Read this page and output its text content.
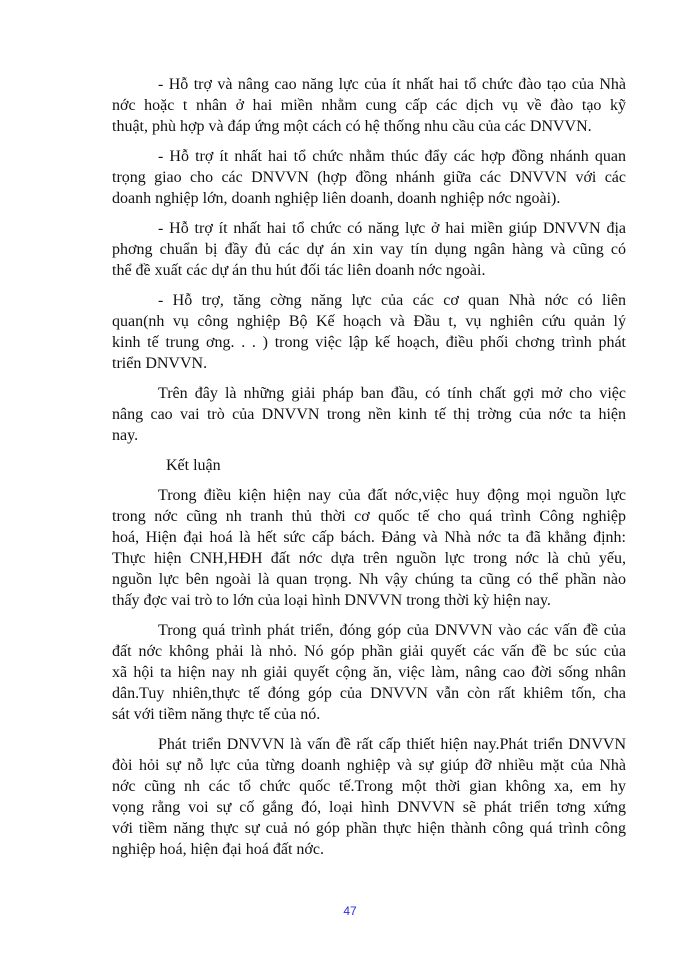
- Hỗ trợ và nâng cao năng lực của ít nhất hai tổ chức đào tạo của Nhà
nớc hoặc t nhân ở hai miền nhằm cung cấp các dịch vụ về đào tạo kỹ
thuật, phù hợp và đáp ứng một cách có hệ thống nhu cầu của các DNVVN.
- Hỗ trợ ít nhất hai tổ chức nhằm thúc đẩy các hợp đồng nhánh quan
trọng giao cho các DNVVN (hợp đồng nhánh giữa các DNVVN với các
doanh nghiệp lớn, doanh nghiệp liên doanh, doanh nghiệp nớc ngoài).
- Hỗ trợ ít nhất hai tổ chức có năng lực ở hai miền giúp DNVVN địa
phơng chuẩn bị đầy đủ các dự án xin vay tín dụng ngân hàng và cũng có
thể đề xuất các dự án thu hút đối tác liên doanh nớc ngoài.
- Hỗ trợ, tăng cờng năng lực của các cơ quan Nhà nớc có liên
quan(nh vụ công nghiệp Bộ Kế hoạch và Đầu t, vụ nghiên cứu quản lý
kinh tế trung ơng. . . ) trong việc lập kế hoạch, điều phối chơng trình phát
triển DNVVN.
Trên đây là những giải pháp ban đầu, có tính chất gợi mở cho việc
nâng cao vai trò của DNVVN trong nền kinh tế thị trờng của nớc ta hiện
nay.
Kết luận
Trong điều kiện hiện nay của đất nớc,việc huy động mọi nguồn lực
trong nớc cũng nh tranh thủ thời cơ quốc tế cho quá trình Công nghiệp
hoá, Hiện đại hoá là hết sức cấp bách. Đảng và Nhà nớc ta đã khẳng định:
Thực hiện CNH,HĐH đất nớc dựa trên nguồn lực trong nớc là chủ yếu,
nguồn lực bên ngoài là quan trọng. Nh vậy chúng ta cũng có thể phần nào
thấy đợc vai trò to lớn của loại hình DNVVN trong thời kỳ hiện nay.
Trong quá trình phát triển, đóng góp của DNVVN vào các vấn đề của
đất nớc không phải là nhỏ. Nó góp phần giải quyết các vấn đề bc súc của
xã hội ta hiện nay nh giải quyết cộng ăn, việc làm, nâng cao đời sống nhân
dân.Tuy nhiên,thực tế đóng góp của DNVVN vẫn còn rất khiêm tốn, cha
sát với tiềm năng thực tế của nó.
Phát triển DNVVN là vấn đề rất cấp thiết hiện nay.Phát triển DNVVN
đòi hỏi sự nỗ lực của từng doanh nghiệp và sự giúp đỡ nhiều mặt của Nhà
nớc cũng nh các tổ chức quốc tế.Trong một thời gian không xa, em hy
vọng rằng voi sự cố gắng đó, loại hình DNVVN sẽ phát triển tơng xứng
với tiềm năng thực sự cuả nó góp phần thực hiện thành công quá trình công
nghiệp hoá, hiện đại hoá đất nớc.
47
